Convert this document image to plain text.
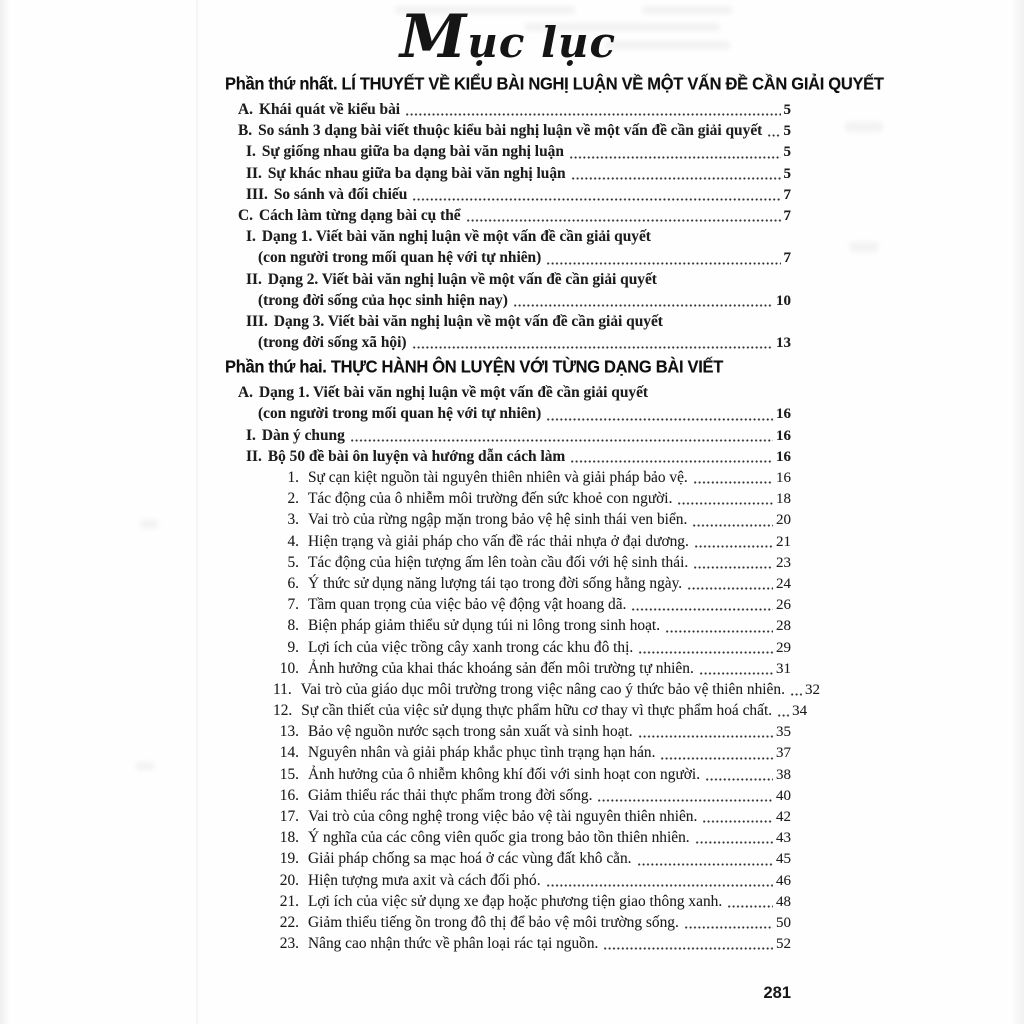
Mục lục
Phần thứ nhất. LÍ THUYẾT VỀ KIỂU BÀI NGHỊ LUẬN VỀ MỘT VẤN ĐỀ CẦN GIẢI QUYẾT
A. Khái quát về kiểu bài	5
B. So sánh 3 dạng bài viết thuộc kiểu bài nghị luận về một vấn đề cần giải quyết 5
I. Sự giống nhau giữa ba dạng bài văn nghị luận	5
II. Sự khác nhau giữa ba dạng bài văn nghị luận	5
III. So sánh và đối chiếu	7
C. Cách làm từng dạng bài cụ thể	7
I. Dạng 1. Viết bài văn nghị luận về một vấn đề cần giải quyết
(con người trong mối quan hệ với tự nhiên)	7
II. Dạng 2. Viết bài văn nghị luận về một vấn đề cần giải quyết
(trong đời sống của học sinh hiện nay)	10
III. Dạng 3. Viết bài văn nghị luận về một vấn đề cần giải quyết
(trong đời sống xã hội)	13
Phần thứ hai. THỰC HÀNH ÔN LUYỆN VỚI TỪNG DẠNG BÀI VIẾT
A. Dạng 1. Viết bài văn nghị luận về một vấn đề cần giải quyết
(con người trong mối quan hệ với tự nhiên)	16
I. Dàn ý chung	16
II. Bộ 50 đề bài ôn luyện và hướng dẫn cách làm	16
1. Sự cạn kiệt nguồn tài nguyên thiên nhiên và giải pháp bảo vệ.	16
2. Tác động của ô nhiễm môi trường đến sức khoẻ con người.	18
3. Vai trò của rừng ngập mặn trong bảo vệ hệ sinh thái ven biển.	20
4. Hiện trạng và giải pháp cho vấn đề rác thải nhựa ở đại dương.	21
5. Tác động của hiện tượng ấm lên toàn cầu đối với hệ sinh thái.	23
6. Ý thức sử dụng năng lượng tái tạo trong đời sống hằng ngày.	24
7. Tầm quan trọng của việc bảo vệ động vật hoang dã.	26
8. Biện pháp giảm thiểu sử dụng túi ni lông trong sinh hoạt.	28
9. Lợi ích của việc trồng cây xanh trong các khu đô thị.	29
10. Ảnh hưởng của khai thác khoáng sản đến môi trường tự nhiên.	31
11. Vai trò của giáo dục môi trường trong việc nâng cao ý thức bảo vệ thiên nhiên. 32
12. Sự cần thiết của việc sử dụng thực phẩm hữu cơ thay vì thực phẩm hoá chất. 34
13. Bảo vệ nguồn nước sạch trong sản xuất và sinh hoạt.	35
14. Nguyên nhân và giải pháp khắc phục tình trạng hạn hán.	37
15. Ảnh hưởng của ô nhiễm không khí đối với sinh hoạt con người.	38
16. Giảm thiểu rác thải thực phẩm trong đời sống.	40
17. Vai trò của công nghệ trong việc bảo vệ tài nguyên thiên nhiên.	42
18. Ý nghĩa của các công viên quốc gia trong bảo tồn thiên nhiên.	43
19. Giải pháp chống sa mạc hoá ở các vùng đất khô cằn.	45
20. Hiện tượng mưa axit và cách đối phó.	46
21. Lợi ích của việc sử dụng xe đạp hoặc phương tiện giao thông xanh.	48
22. Giảm thiểu tiếng ồn trong đô thị để bảo vệ môi trường sống.	50
23. Nâng cao nhận thức về phân loại rác tại nguồn.	52
281
